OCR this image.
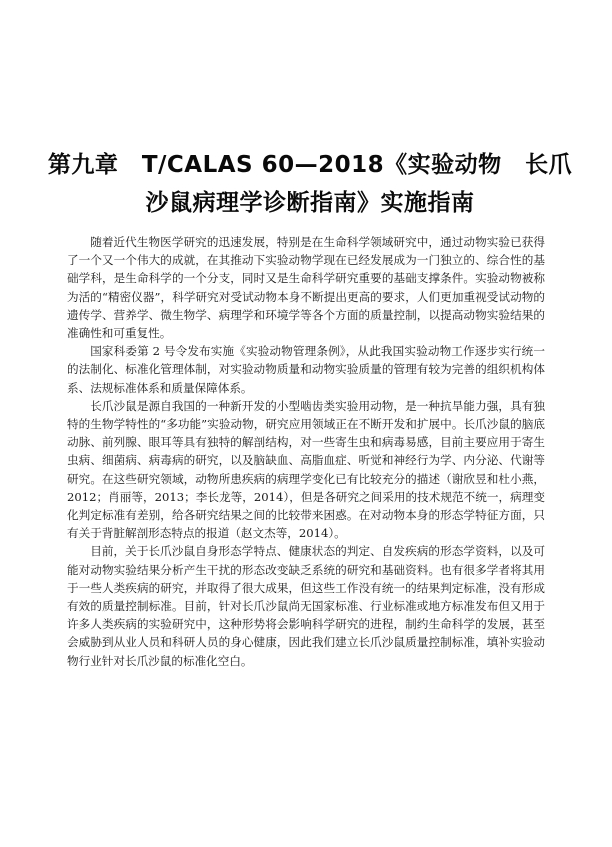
第九章　T/CALAS 60—2018《实验动物　长爪
沙鼠病理学诊断指南》实施指南

随着近代生物医学研究的迅速发展，特别是在生命科学领域研究中，通过动物实验已获得了一个又一个伟大的成就，在其推动下实验动物学现在已经发展成为一门独立的、综合性的基础学科，是生命科学的一个分支，同时又是生命科学研究重要的基础支撑条件。实验动物被称为活的“精密仪器”，科学研究对受试动物本身不断提出更高的要求，人们更加重视受试动物的遗传学、营养学、微生物学、病理学和环境学等各个方面的质量控制，以提高动物实验结果的准确性和可重复性。

国家科委第 2 号令发布实施《实验动物管理条例》，从此我国实验动物工作逐步实行统一的法制化、标准化管理体制，对实验动物质量和动物实验质量的管理有较为完善的组织机构体系、法规标准体系和质量保障体系。

长爪沙鼠是源自我国的一种新开发的小型啮齿类实验用动物，是一种抗旱能力强，具有独特的生物学特性的“多功能”实验动物，研究应用领域正在不断开发和扩展中。长爪沙鼠的脑底动脉、前列腺、眼耳等具有独特的解剖结构，对一些寄生虫和病毒易感，目前主要应用于寄生虫病、细菌病、病毒病的研究，以及脑缺血、高脂血症、听觉和神经行为学、内分泌、代谢等研究。在这些研究领域，动物所患疾病的病理学变化已有比较充分的描述（谢欣昱和杜小燕，2012；肖丽等，2013；李长龙等，2014），但是各研究之间采用的技术规范不统一，病理变化判定标准有差别，给各研究结果之间的比较带来困惑。在对动物本身的形态学特征方面，只有关于背脏解剖形态特点的报道（赵文杰等，2014）。

目前，关于长爪沙鼠自身形态学特点、健康状态的判定、自发疾病的形态学资料，以及可能对动物实验结果分析产生干扰的形态改变缺乏系统的研究和基础资料。也有很多学者将其用于一些人类疾病的研究，并取得了很大成果，但这些工作没有统一的结果判定标准，没有形成有效的质量控制标准。目前，针对长爪沙鼠尚无国家标准、行业标准或地方标准发布但又用于许多人类疾病的实验研究中，这种形势将会影响科学研究的进程，制约生命科学的发展，甚至会威胁到从业人员和科研人员的身心健康，因此我们建立长爪沙鼠质量控制标准，填补实验动物行业针对长爪沙鼠的标准化空白。
